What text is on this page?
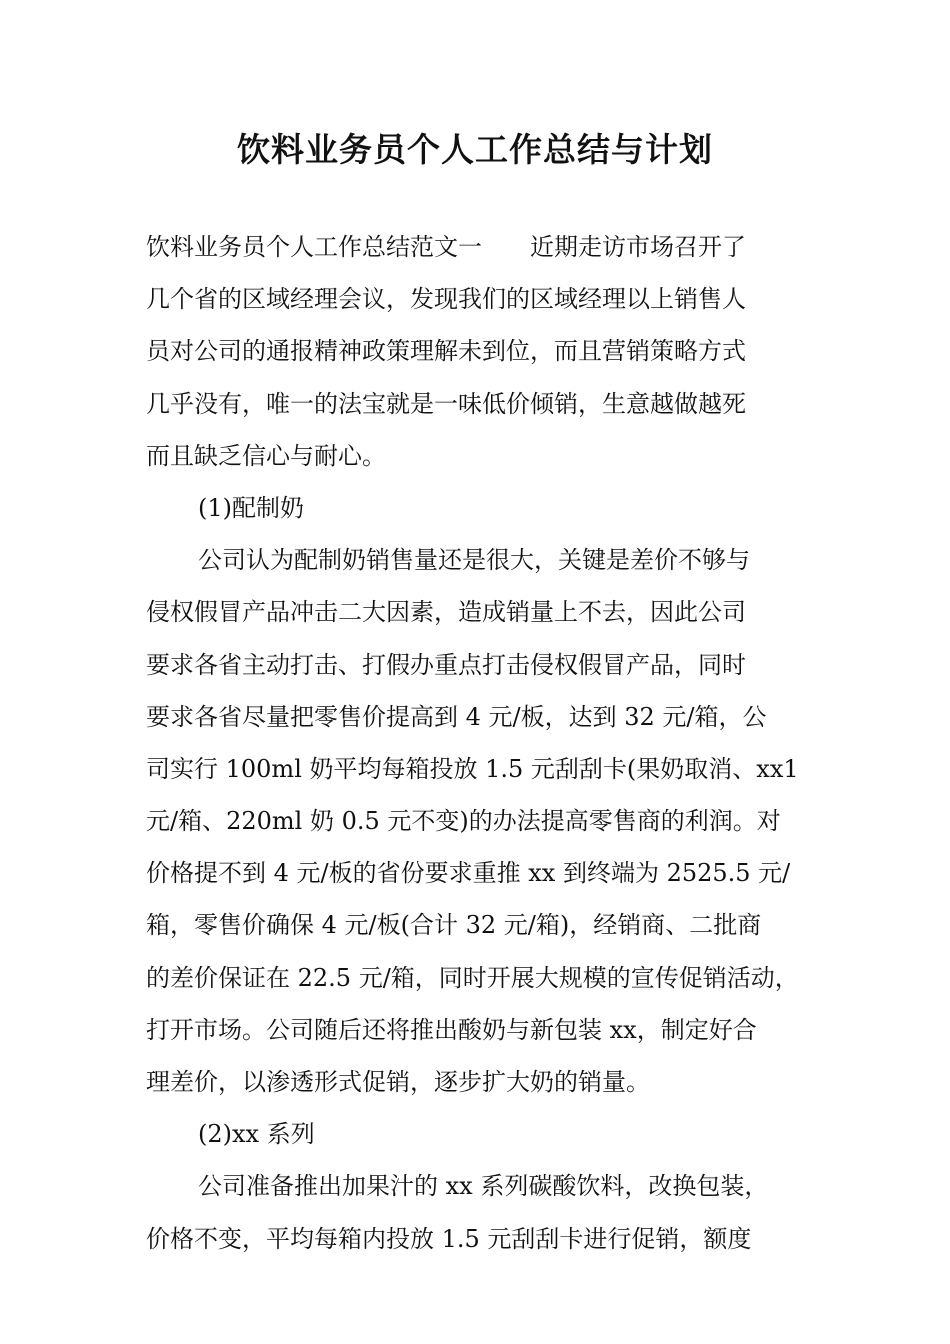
饮料业务员个人工作总结与计划
饮料业务员个人工作总结范文一　　近期走访市场召开了
几个省的区域经理会议，发现我们的区域经理以上销售人
员对公司的通报精神政策理解未到位，而且营销策略方式
几乎没有，唯一的法宝就是一味低价倾销，生意越做越死
而且缺乏信心与耐心。
(1)配制奶
公司认为配制奶销售量还是很大，关键是差价不够与
侵权假冒产品冲击二大因素，造成销量上不去，因此公司
要求各省主动打击、打假办重点打击侵权假冒产品，同时
要求各省尽量把零售价提高到 4 元/板，达到 32 元/箱，公
司实行 100ml 奶平均每箱投放 1.5 元刮刮卡(果奶取消、xx1
元/箱、220ml 奶 0.5 元不变)的办法提高零售商的利润。对
价格提不到 4 元/板的省份要求重推 xx 到终端为 2525.5 元/
箱，零售价确保 4 元/板(合计 32 元/箱)，经销商、二批商
的差价保证在 22.5 元/箱，同时开展大规模的宣传促销活动，
打开市场。公司随后还将推出酸奶与新包装 xx，制定好合
理差价，以渗透形式促销，逐步扩大奶的销量。
(2)xx 系列
公司准备推出加果汁的 xx 系列碳酸饮料，改换包装，
价格不变，平均每箱内投放 1.5 元刮刮卡进行促销，额度
